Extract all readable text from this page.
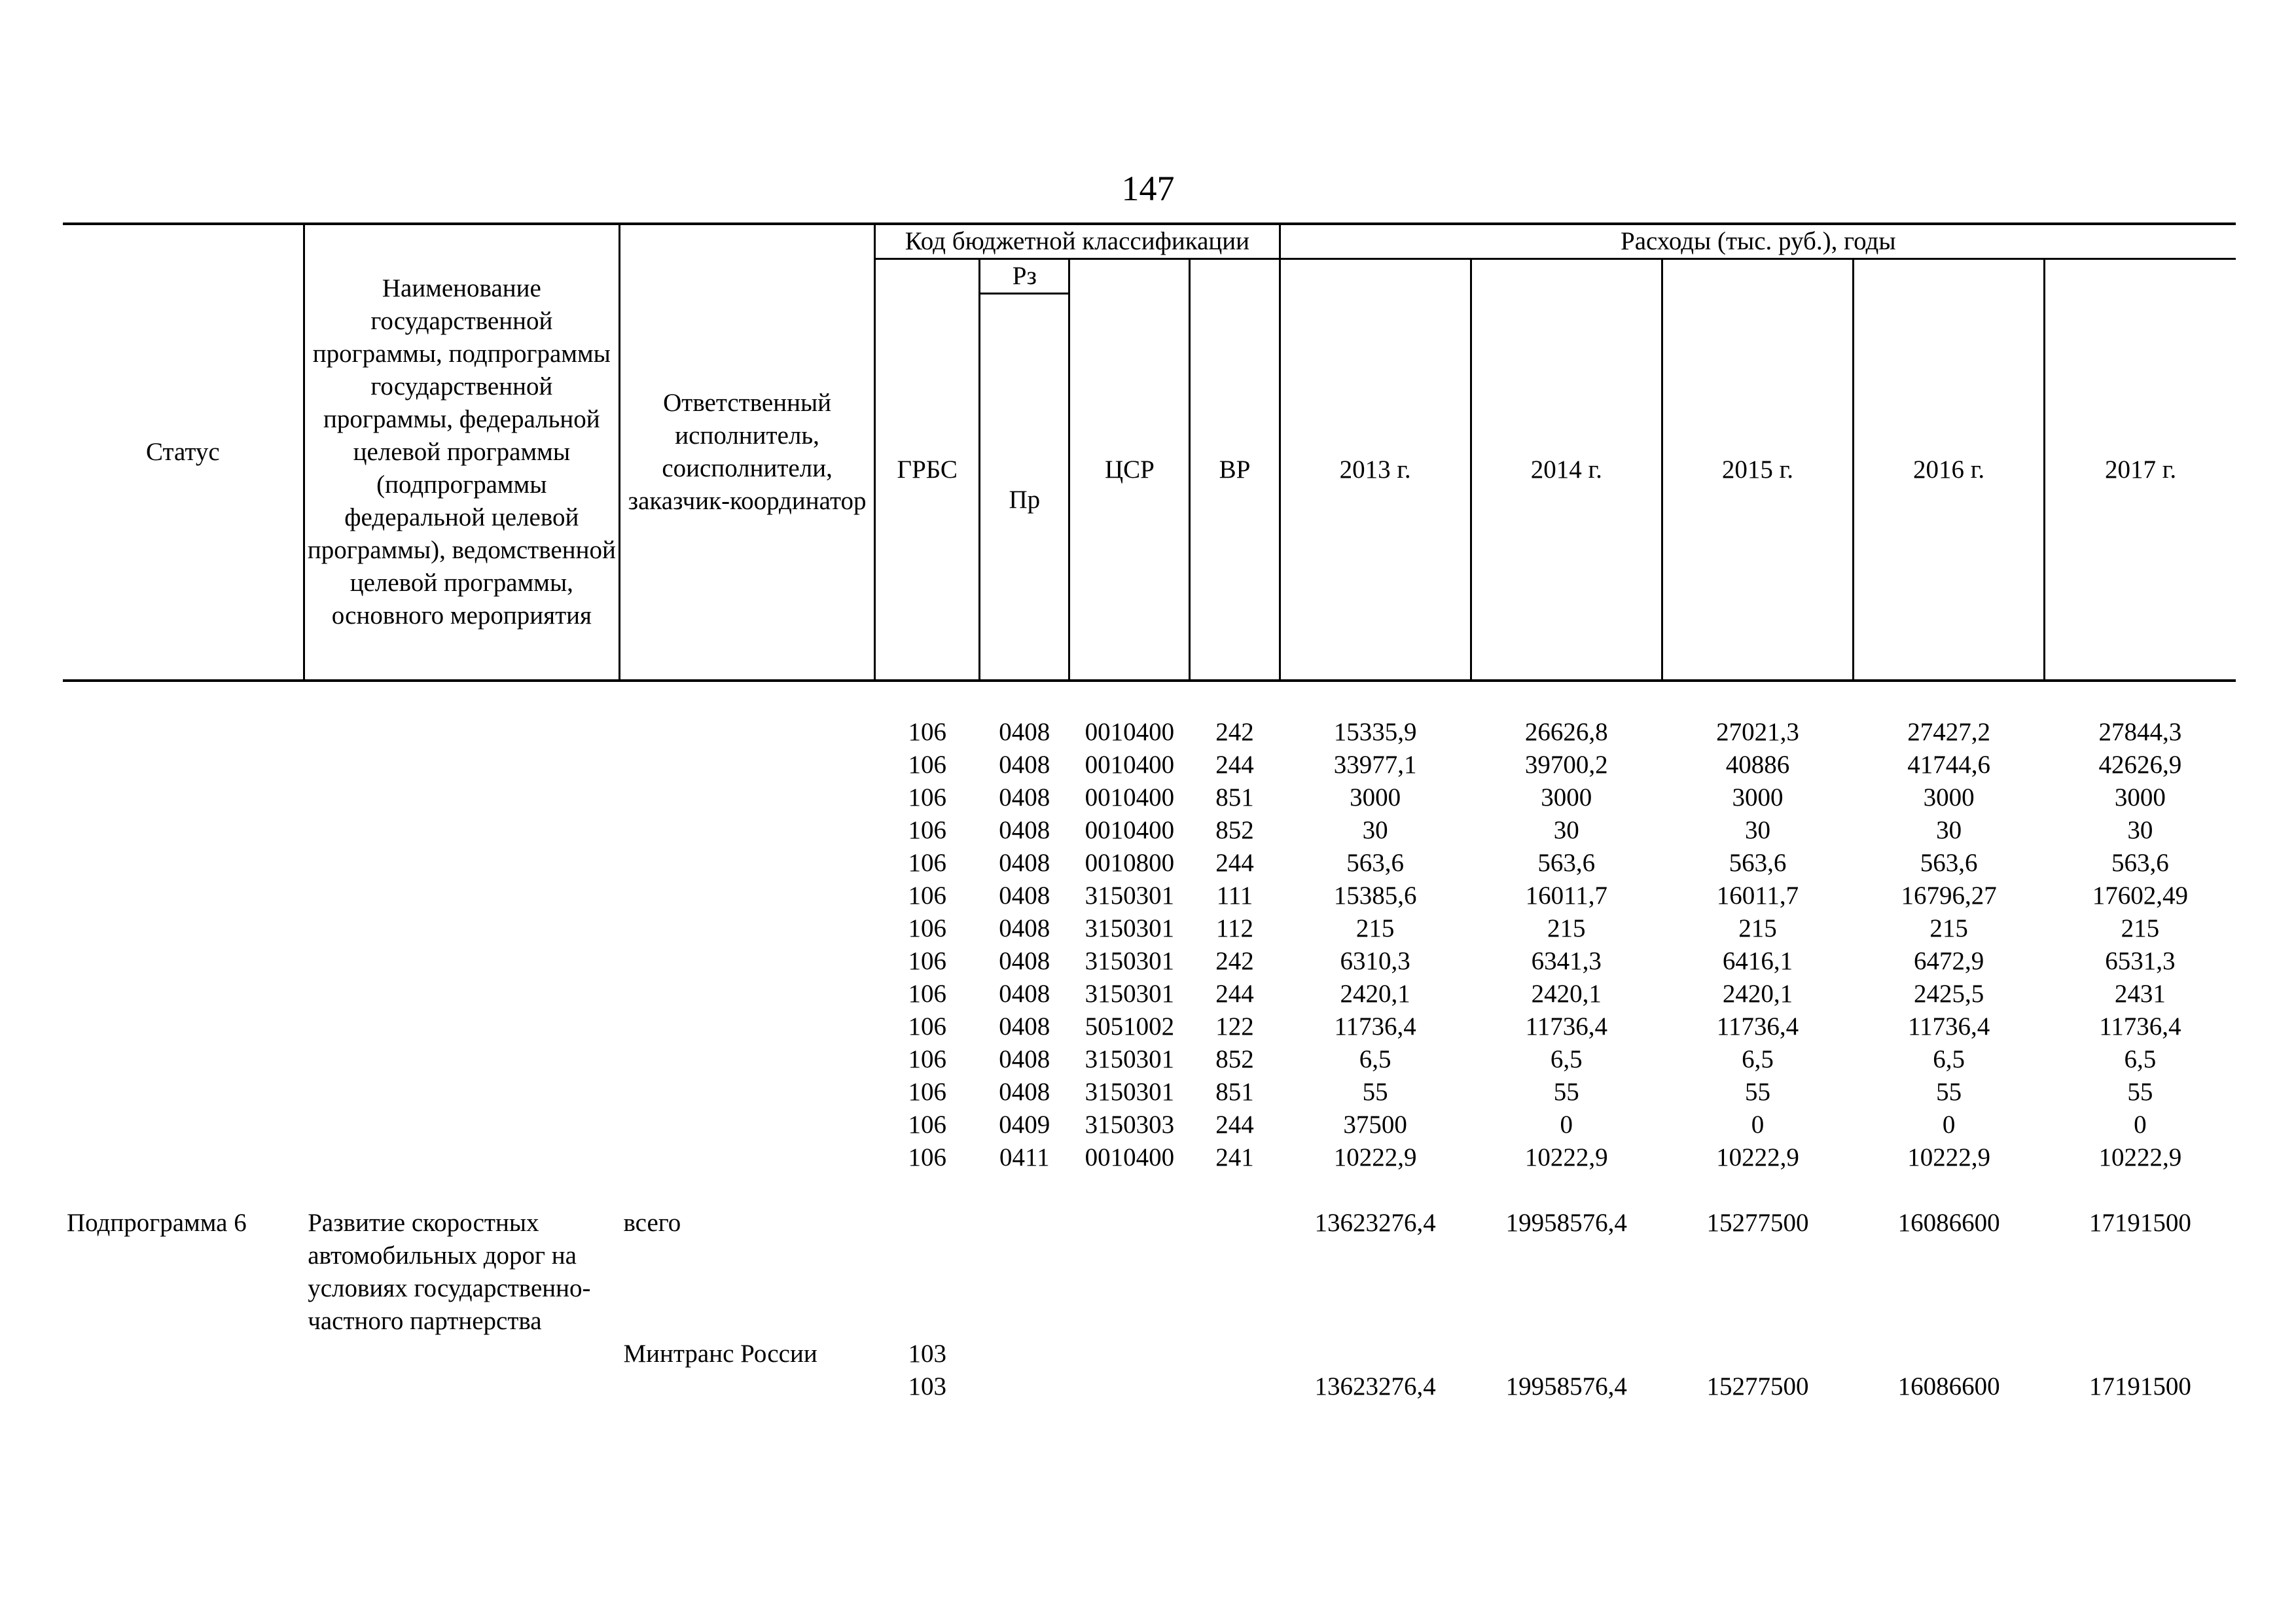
147
Статус	Наименование государственной программы, подпрограммы государственной программы, федеральной целевой программы (подпрограммы федеральной целевой программы), ведомственной целевой программы, основного мероприятия	Ответственный исполнитель, соисполнители, заказчик-координатор	Код бюджетной классификации				Расходы (тыс. руб.), годы				
			ГРБС	Рз	ЦСР	ВР	2013 г.	2014 г.	2015 г.	2016 г.	2017 г.
				Пр							

			106	0408	0010400	242	15335,9	26626,8	27021,3	27427,2	27844,3
			106	0408	0010400	244	33977,1	39700,2	40886	41744,6	42626,9
			106	0408	0010400	851	3000	3000	3000	3000	3000
			106	0408	0010400	852	30	30	30	30	30
			106	0408	0010800	244	563,6	563,6	563,6	563,6	563,6
			106	0408	3150301	111	15385,6	16011,7	16011,7	16796,27	17602,49
			106	0408	3150301	112	215	215	215	215	215
			106	0408	3150301	242	6310,3	6341,3	6416,1	6472,9	6531,3
			106	0408	3150301	244	2420,1	2420,1	2420,1	2425,5	2431
			106	0408	5051002	122	11736,4	11736,4	11736,4	11736,4	11736,4
			106	0408	3150301	852	6,5	6,5	6,5	6,5	6,5
			106	0408	3150301	851	55	55	55	55	55
			106	0409	3150303	244	37500	0	0	0	0
			106	0411	0010400	241	10222,9	10222,9	10222,9	10222,9	10222,9

Подпрограмма 6	Развитие скоростных автомобильных дорог на условиях государственно-частного партнерства	всего					13623276,4	19958576,4	15277500	16086600	17191500
		Минтранс России	103								
			103				13623276,4	19958576,4	15277500	16086600	17191500
